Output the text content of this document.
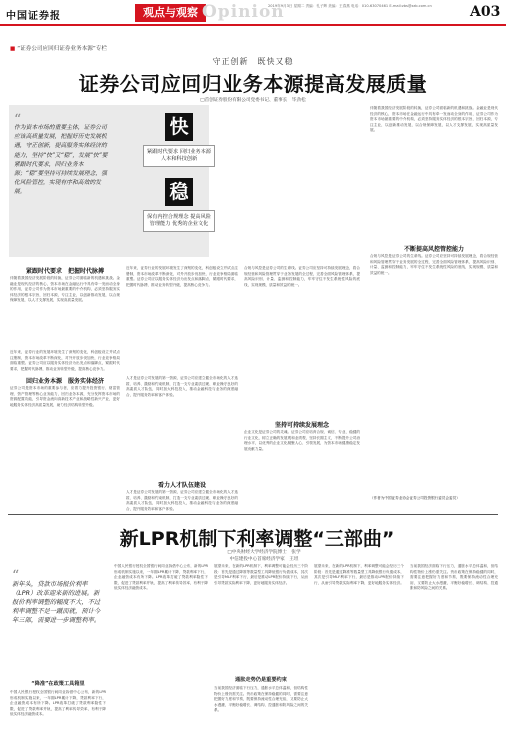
中国证券报	观点与观察 Opinion
2019年9月3日 星期二 责编：孔子辉 美编：王春燕 电话：010-63070461 E-mail:zbs@zzb.com.cn	A03
■ “证券公司应回归证券业务本源”专栏
守正创新　既快又稳
证券公司应回归业务本源提高发展质量
□首创证券股份有限公司党委书记、董事长　毕劲松
“
作为资本市场的重要主体，证券公司应该高质量发展，把握好历史发展机遇，守正创新，提高服务实体经济的能力，坚持“快”又“稳”，发展“快”要紧跟时代要求，回归业务本源；“稳”要坚持可持续发展理念，强化风险管控，实现有序和高效的发展。
快
紧跟时代要求 回归业务本源 人本和科技创新
稳
保有内控合规理念 提高风险管理能力 优秀的企业文化
紧跟时代要求　把握时代脉搏
伴随着我国经济发展阶段的转换，证券公司面临新的机遇和挑战。金融业是现代经济的核心，资本市场在金融运行中具有牵一发而动全身的作用，证券公司作为资本市场最重要的中介机构，必须坚持服务实体经济的根本宗旨，回归本源，专注主业，以创新推动发展，以合规保障发展，以人才支撑发展，实现高质量发展。
近年来，证券行业的发展环境发生了深刻的变化，科创板设立并试点注册制，资本市场改革不断深化，对外开放步伐加快，行业竞争格局面临重塑。证券公司应以服务实体经济为出发点和落脚点，紧跟时代要求，把握时代脉搏，推动业务转型升级，提高核心竞争力。
回归业务本源　服务实体经济
证券公司是资本市场的重要参与者，应着力提升投资银行、财富管理、资产管理等核心业务能力，回归业务本源，充分发挥资本市场的资源配置功能，引导资金流向高新技术产业和战略性新兴产业，更好地服务实体经济高质量发展，助力经济结构转型升级。
近年来，证券行业的发展环境发生了深刻的变化，科创板设立并试点注册制，资本市场改革不断深化，对外开放步伐加快，行业竞争格局面临重塑。证券公司应以服务实体经济为出发点和落脚点，紧跟时代要求，把握时代脉搏，推动业务转型升级，提高核心竞争力。
人才是证券公司发展的第一资源，证券公司应建立健全市场化的人才选拔、培养、激励和约束机制，打造一支专业素质过硬、职业操守良好的高素质人才队伍，同时加大科技投入，推动金融科技与业务的深度融合，提升服务效率和客户体验。
看力人才队伍建设
人才是证券公司发展的第一资源，证券公司应建立健全市场化的人才选拔、培养、激励和约束机制，打造一支专业素质过硬、职业操守良好的高素质人才队伍，同时加大科技投入，推动金融科技与业务的深度融合，提升服务效率和客户体验。
合规与风控是证券公司的生命线。证券公司应坚持可持续发展理念，将合规经营和风险管理贯穿于业务发展的全过程，完善全面风险管理体系，提高风险识别、计量、监测和控制能力，牢牢守住不发生系统性风险的底线，实现规模、质量和效益的统一。
坚持可持续发展理念
企业文化是证券公司的灵魂。证券公司应培育合规、诚信、专业、稳健的行业文化，树立正确的发展观和业绩观，坚持长期主义，不断提升公司治理水平，以优秀的企业文化凝聚人心、引领发展，为资本市场健康稳定发展贡献力量。
伴随着我国经济发展阶段的转换，证券公司面临新的机遇和挑战。金融业是现代经济的核心，资本市场在金融运行中具有牵一发而动全身的作用，证券公司作为资本市场最重要的中介机构，必须坚持服务实体经济的根本宗旨，回归本源，专注主业，以创新推动发展，以合规保障发展，以人才支撑发展，实现高质量发展。
不断提高风控管控能力
合规与风控是证券公司的生命线。证券公司应坚持可持续发展理念，将合规经营和风险管理贯穿于业务发展的全过程，完善全面风险管理体系，提高风险识别、计量、监测和控制能力，牢牢守住不发生系统性风险的底线，实现规模、质量和效益的统一。
（作者为中国证券业协会证券公司投资银行委员会委员）
新LPR机制下利率调整“三部曲”
□中央财经大学经济学院博士　张学
中信建投中心首席经济学家　王坦
“
新年头，贷款市场报价利率（LPR）改革迎来新的进展。新报价利率调整的幅度不大，不过利率调整不是一蹴而就，预计今年三部，需要进一步调整利率。
“降准”在政策工具箱里
中国人民银行授权全国银行间同业拆借中心公布，新的LPR形成机制实施以来，一年期LPR累计下降，贷款利率下行，企业融资成本有所下降。LPR改革打破了贷款利率隐性下限，促进了贷款利率并轨，提高了利率传导效率，有利于降低实体经济融资成本。
中国人民银行授权全国银行间同业拆借中心公布，新的LPR形成机制实施以来，一年期LPR累计下降，贷款利率下行，企业融资成本有所下降。LPR改革打破了贷款利率隐性下限，促进了贷款利率并轨，提高了利率传导效率，有利于降低实体经济融资成本。
展望未来，在新的LPR机制下，利率调整可能会经历三个阶段：首先是通过降准等数量型工具降低银行负债成本，其次是引导MLF利率下行，最后是推动LPR报价持续下行，从而引导贷款实际利率下降，更好地服务实体经济。
通胀走势仍是重要约束
当前我国经济面临下行压力，通胀水平总体温和，但结构性物价上涨仍需关注。货币政策在保持稳健的同时，需要注意把握好力度和节奏，既要保持流动性合理充裕，又要防止大水漫灌，平衡好稳增长、调结构、控通胀和防风险之间的关系。
展望未来，在新的LPR机制下，利率调整可能会经历三个阶段：首先是通过降准等数量型工具降低银行负债成本，其次是引导MLF利率下行，最后是推动LPR报价持续下行，从而引导贷款实际利率下降，更好地服务实体经济。
当前我国经济面临下行压力，通胀水平总体温和，但结构性物价上涨仍需关注。货币政策在保持稳健的同时，需要注意把握好力度和节奏，既要保持流动性合理充裕，又要防止大水漫灌，平衡好稳增长、调结构、控通胀和防风险之间的关系。
